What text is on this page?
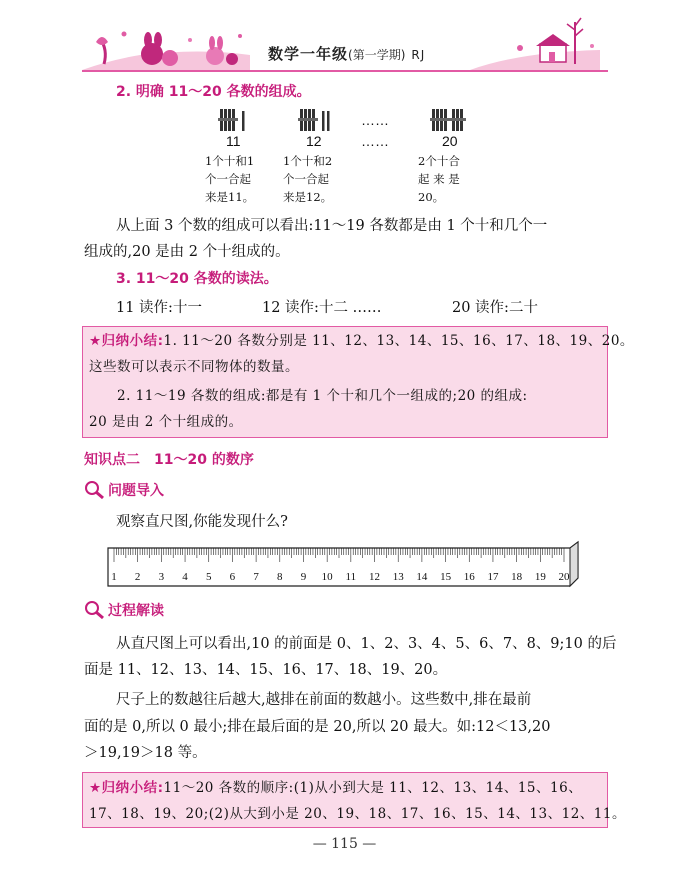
数学一年级(第一学期) RJ
2. 明确 11～20 各数的组成。
……
……
11
1个十和1
个一合起
来是11。
12
1个十和2
个一合起
来是12。
20
2个十合
起 来 是
20。
从上面 3 个数的组成可以看出:11～19 各数都是由 1 个十和几个一
组成的,20 是由 2 个十组成的。
3. 11～20 各数的读法。
11 读作:十一	12 读作:十二 ……	20 读作:二十
★归纳小结:1. 11～20 各数分别是 11、12、13、14、15、16、17、18、19、20。
这些数可以表示不同物体的数量。
2. 11～19 各数的组成:都是有 1 个十和几个一组成的;20 的组成:
20 是由 2 个十组成的。
知识点二　11～20 的数序
问题导入
观察直尺图,你能发现什么?
1 2 3 4 5 6 7 8 9 10 11 12 13 14 15 16 17 18 19 20
过程解读
从直尺图上可以看出,10 的前面是 0、1、2、3、4、5、6、7、8、9;10 的后
面是 11、12、13、14、15、16、17、18、19、20。
尺子上的数越往后越大,越排在前面的数越小。这些数中,排在最前
面的是 0,所以 0 最小;排在最后面的是 20,所以 20 最大。如:12＜13,20
＞19,19＞18 等。
★归纳小结:11～20 各数的顺序:(1)从小到大是 11、12、13、14、15、16、
17、18、19、20;(2)从大到小是 20、19、18、17、16、15、14、13、12、11。
— 115 —
